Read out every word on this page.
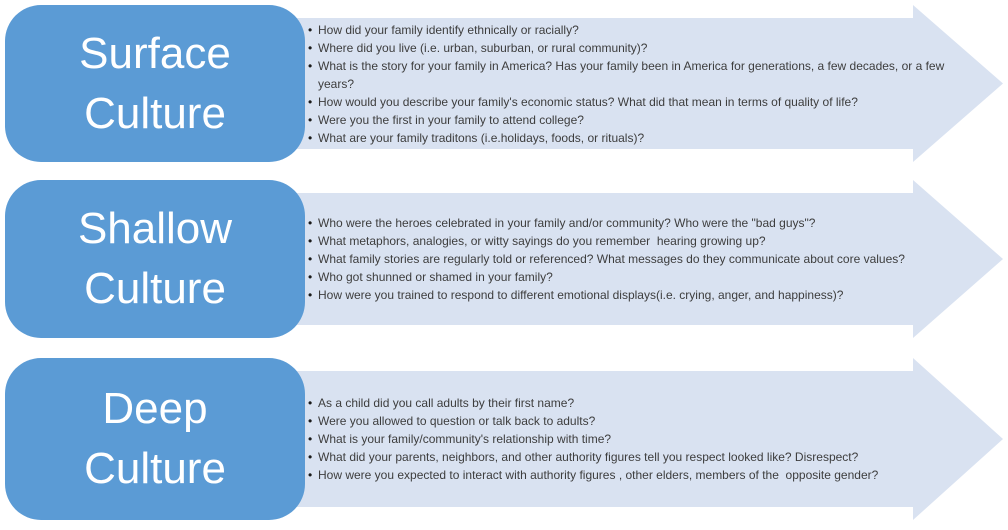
Surface
Culture
• How did your family identify ethnically or racially?
• Where did you live (i.e. urban, suburban, or rural community)?
• What is the story for your family in America? Has your family been in America for generations, a few decades, or a few years?
• How would you describe your family's economic status? What did that mean in terms of quality of life?
• Were you the first in your family to attend college?
• What are your family traditons (i.e.holidays, foods, or rituals)?
Shallow
Culture
• Who were the heroes celebrated in your family and/or community? Who were the "bad guys"?
• What metaphors, analogies, or witty sayings do you remember  hearing growing up?
• What family stories are regularly told or referenced? What messages do they communicate about core values?
• Who got shunned or shamed in your family?
• How were you trained to respond to different emotional displays(i.e. crying, anger, and happiness)?
Deep
Culture
• As a child did you call adults by their first name?
• Were you allowed to question or talk back to adults?
• What is your family/community's relationship with time?
• What did your parents, neighbors, and other authority figures tell you respect looked like? Disrespect?
• How were you expected to interact with authority figures , other elders, members of the  opposite gender?
